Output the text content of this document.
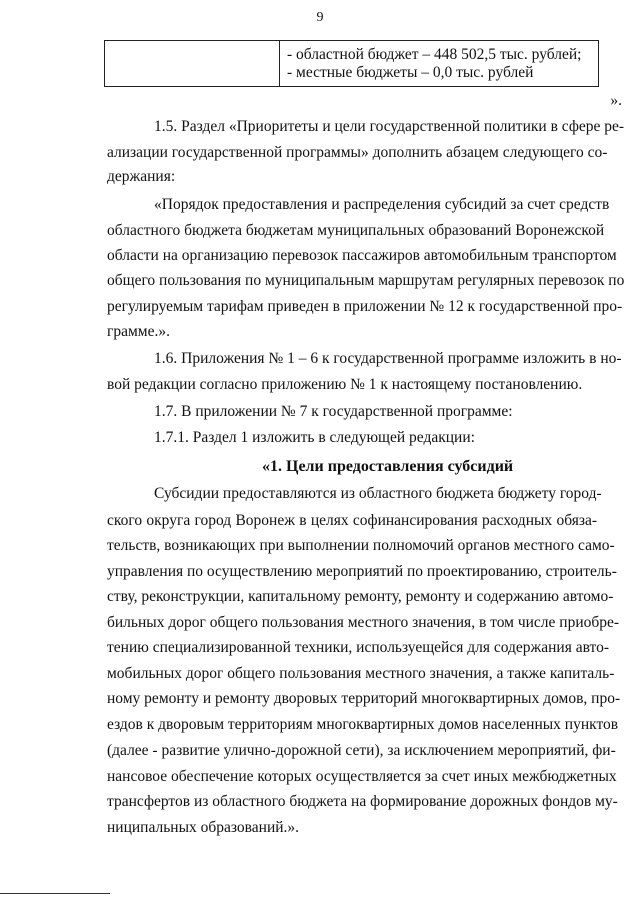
9
- областной бюджет – 448 502,5 тыс. рублей;
- местные бюджеты – 0,0 тыс. рублей
».
1.5. Раздел «Приоритеты и цели государственной политики в сфере ре-
ализации государственной программы» дополнить абзацем следующего со-
держания:
«Порядок предоставления и распределения субсидий за счет средств
областного бюджета бюджетам муниципальных образований Воронежской
области на организацию перевозок пассажиров автомобильным транспортом
общего пользования по муниципальным маршрутам регулярных перевозок по
регулируемым тарифам приведен в приложении № 12 к государственной про-
грамме.».
1.6. Приложения № 1 – 6 к государственной программе изложить в но-
вой редакции согласно приложению № 1 к настоящему постановлению.
1.7. В приложении № 7 к государственной программе:
1.7.1. Раздел 1 изложить в следующей редакции:
«1. Цели предоставления субсидий
Субсидии предоставляются из областного бюджета бюджету город-
ского округа город Воронеж в целях софинансирования расходных обяза-
тельств, возникающих при выполнении полномочий органов местного само-
управления по осуществлению мероприятий по проектированию, строитель-
ству, реконструкции, капитальному ремонту, ремонту и содержанию автомо-
бильных дорог общего пользования местного значения, в том числе приобре-
тению специализированной техники, используещейся для содержания авто-
мобильных дорог общего пользования местного значения, а также капиталь-
ному ремонту и ремонту дворовых территорий многоквартирных домов, про-
ездов к дворовым территориям многоквартирных домов населенных пунктов
(далее - развитие улично-дорожной сети), за исключением мероприятий, фи-
нансовое обеспечение которых осуществляется за счет иных межбюджетных
трансфертов из областного бюджета на формирование дорожных фондов му-
ниципальных образований.».
